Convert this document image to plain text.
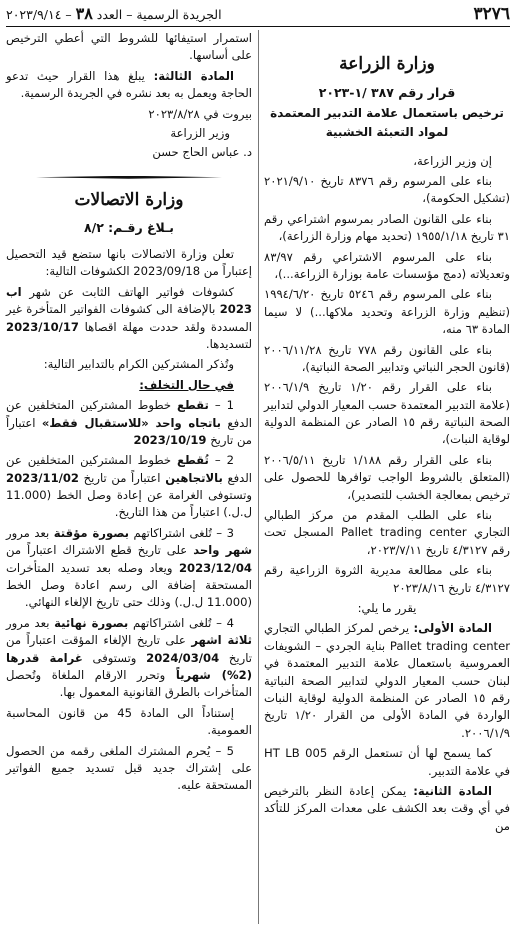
٣٢٧٦
الجريدة الرسمية – العدد ٣٨ – ٢٠٢٣/٩/١٤
وزارة الزراعة
قرار رقم ٣٨٧ /١-٢٠٢٣
ترخيص باستعمال علامة التدبير المعتمدة لمواد التعبئة الخشبية

إن وزير الزراعة،

بناء على المرسوم رقم ٨٣٧٦ تاريخ ٢٠٢١/٩/١٠ (تشكيل الحكومة)،

بناء على القانون الصادر بمرسوم اشتراعي رقم ٣١ تاريخ ١٩٥٥/١/١٨ (تحديد مهام وزارة الزراعة)،

بناء على المرسوم الاشتراعي رقم ٨٣/٩٧ وتعديلاته (دمج مؤسسات عامة بوزارة الزراعة...)،

بناء على المرسوم رقم ٥٢٤٦ تاريخ ١٩٩٤/٦/٢٠ (تنظيم وزارة الزراعة وتحديد ملاكها...) لا سيما المادة ٦٣ منه،

بناء على القانون رقم ٧٧٨ تاريخ ٢٠٠٦/١١/٢٨ (قانون الحجر النباتي وتدابير الصحة النباتية)،

بناء على القرار رقم ١/٢٠ تاريخ ٢٠٠٦/١/٩ (علامة التدبير المعتمدة حسب المعيار الدولي لتدابير الصحة النباتية رقم ١٥ الصادر عن المنظمة الدولية لوقاية النبات)،

بناء على القرار رقم ١/١٨٨ تاريخ ٢٠٠٦/٥/١١ (المتعلق بالشروط الواجب توافرها للحصول على ترخيص بمعالجة الخشب للتصدير)،

بناء على الطلب المقدم من مركز الطبالي التجاري Pallet trading center المسجل تحت رقم ٤/٣١٢٧ تاريخ ٢٠٢٣/٧/١١،

بناء على مطالعة مديرية الثروة الزراعية رقم ٤/٣١٢٧ تاريخ ٢٠٢٣/٨/١٦

يقرر ما يلي:

المادة الأولى: يرخص لمركز الطبالي التجاري Pallet trading center بناية الجردي – الشويفات العمروسية باستعمال علامة التدبير المعتمدة في لبنان حسب المعيار الدولي لتدابير الصحة النباتية رقم ١٥ الصادر عن المنظمة الدولية لوقاية النبات الواردة في المادة الأولى من القرار ١/٢٠ تاريخ ٢٠٠٦/١/٩.

كما يسمح لها أن تستعمل الرقم HT LB 005 في علامة التدبير.

المادة الثانية: يمكن إعادة النظر بالترخيص في أي وقت بعد الكشف على معدات المركز للتأكد من

استمرار استيفائها للشروط التي أعطي الترخيص على أساسها.

المادة الثالثة: يبلغ هذا القرار حيث تدعو الحاجة ويعمل به بعد نشره في الجريدة الرسمية.

بيروت في ٢٠٢٣/٨/٢٨

وزير الزراعة

د. عباس الحاج حسن

وزارة الاتصالات
بـلاغ رقـم: ٨/٢

تعلن وزارة الاتصالات بانها ستضع قيد التحصيل إعتباراً من 2023/09/18 الكشوفات التالية:

كشوفات فواتير الهاتف الثابت عن شهر اب 2023 بالإضافة الى كشوفات الفواتير المتأخرة غير المسددة ولقد حددت مهلة اقصاها 2023/10/17 لتسديدها.

وتُذكر المشتركين الكرام بالتدابير التالية:

في حال التخلف:

1 – تقطع خطوط المشتركين المتخلفين عن الدفع باتجاه واحد «للاستقبال فقط» اعتباراً من تاريخ 2023/10/19

2 – تُقطع خطوط المشتركين المتخلفين عن الدفع بالاتجاهين اعتباراً من تاريخ 2023/11/02 وتستوفى الغرامة عن إعادة وصل الخط (11.000 ل.ل.) اعتباراً من هذا التاريخ.

3 – تُلغى اشتراكاتهم بصورة مؤقتة بعد مرور شهر واحد على تاريخ قطع الاشتراك اعتباراً من 2023/12/04 ويعاد وصله بعد تسديد المتأخرات المستحقة إضافة الى رسم اعادة وصل الخط (11.000 ل.ل.) وذلك حتى تاريخ الإلغاء النهائي.

4 – تُلغى اشتراكاتهم بصورة نهائية بعد مرور ثلاثة اشهر على تاريخ الإلغاء المؤقت اعتباراً من تاريخ 2024/03/04 وتستوفى غرامة قدرها (2%) شهرياً وتحرر الارقام الملغاة وتُحصل المتأخرات بالطرق القانونية المعمول بها.

إستناداً الى المادة 45 من قانون المحاسبة العمومية.

5 – يُحرم المشترك الملغى رقمه من الحصول على إشتراك جديد قبل تسديد جميع الفواتير المستحقة عليه.
